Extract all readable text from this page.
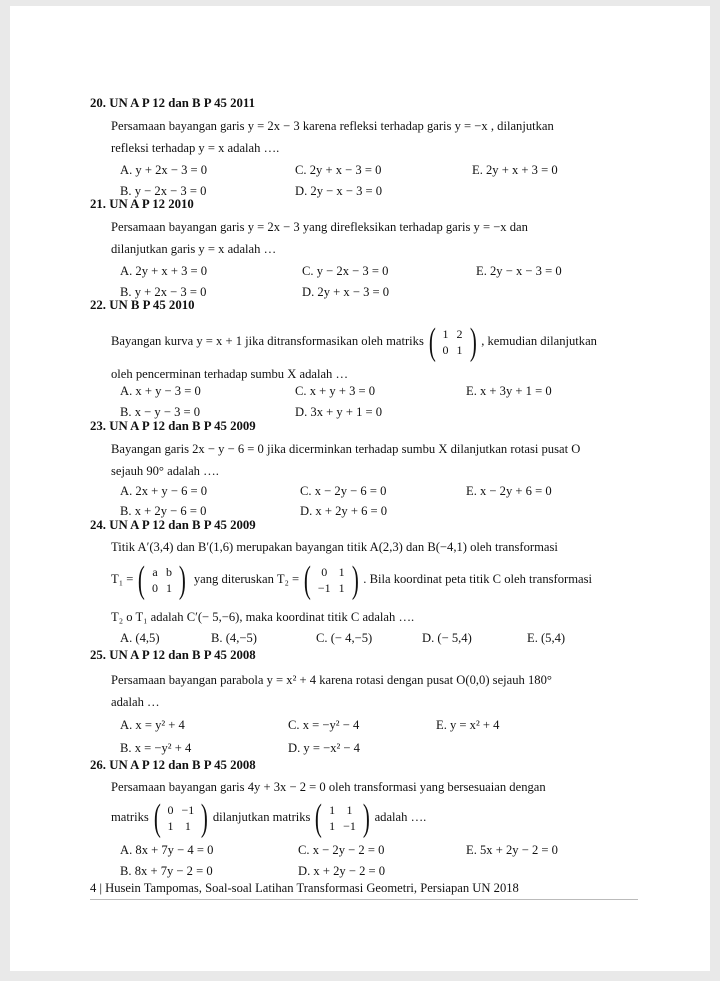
20. UN A P 12 dan B P 45 2011
Persamaan bayangan garis y = 2x − 3 karena refleksi terhadap garis y = −x , dilanjutkan
refleksi terhadap y = x adalah ….
A. y + 2x − 3 = 0	C. 2y + x − 3 = 0	E. 2y + x + 3 = 0
B. y − 2x − 3 = 0	D. 2y − x − 3 = 0
21. UN A P 12 2010
Persamaan bayangan garis y = 2x − 3 yang direfleksikan terhadap garis y = −x dan
dilanjutkan garis y = x adalah …
A. 2y + x + 3 = 0	C. y − 2x − 3 = 0	E. 2y − x − 3 = 0
B. y + 2x − 3 = 0	D. 2y + x − 3 = 0
22. UN B P 45 2010
Bayangan kurva y = x + 1 jika ditransformasikan oleh matriks ( 1	2
0	1 ) , kemudian dilanjutkan
oleh pencerminan terhadap sumbu X adalah …
A. x + y − 3 = 0	C. x + y + 3 = 0	E. x + 3y + 1 = 0
B. x − y − 3 = 0	D. 3x + y + 1 = 0
23. UN A P 12 dan B P 45 2009
Bayangan garis 2x − y − 6 = 0 jika dicerminkan terhadap sumbu X dilanjutkan rotasi pusat O
sejauh 90° adalah ….
A. 2x + y − 6 = 0	C. x − 2y − 6 = 0	E. x − 2y + 6 = 0
B. x + 2y − 6 = 0	D. x + 2y + 6 = 0
24. UN A P 12 dan B P 45 2009
Titik A′(3,4) dan B′(1,6) merupakan bayangan titik A(2,3) dan B(−4,1) oleh transformasi
T₁ = ( a	b
0	1 ) yang diteruskan T₂ = ( 0	1
−1	1 ) . Bila koordinat peta titik C oleh transformasi
T₂ o T₁ adalah C′(− 5,−6), maka koordinat titik C adalah ….
A. (4,5)	B. (4,−5)	C. (− 4,−5)	D. (− 5,4)	E. (5,4)
25. UN A P 12 dan B P 45 2008
Persamaan bayangan parabola y = x² + 4 karena rotasi dengan pusat O(0,0) sejauh 180°
adalah …
A. x = y² + 4	C. x = −y² − 4	E. y = x² + 4
B. x = −y² + 4	D. y = −x² − 4
26. UN A P 12 dan B P 45 2008
Persamaan bayangan garis 4y + 3x − 2 = 0 oleh transformasi yang bersesuaian dengan
matriks ( 0	−1
1	1 ) dilanjutkan matriks ( 1	1
1	−1 ) adalah ….
A. 8x + 7y − 4 = 0	C. x − 2y − 2 = 0	E. 5x + 2y − 2 = 0
B. 8x + 7y − 2 = 0	D. x + 2y − 2 = 0
4 | Husein Tampomas, Soal-soal Latihan Transformasi Geometri, Persiapan UN 2018
